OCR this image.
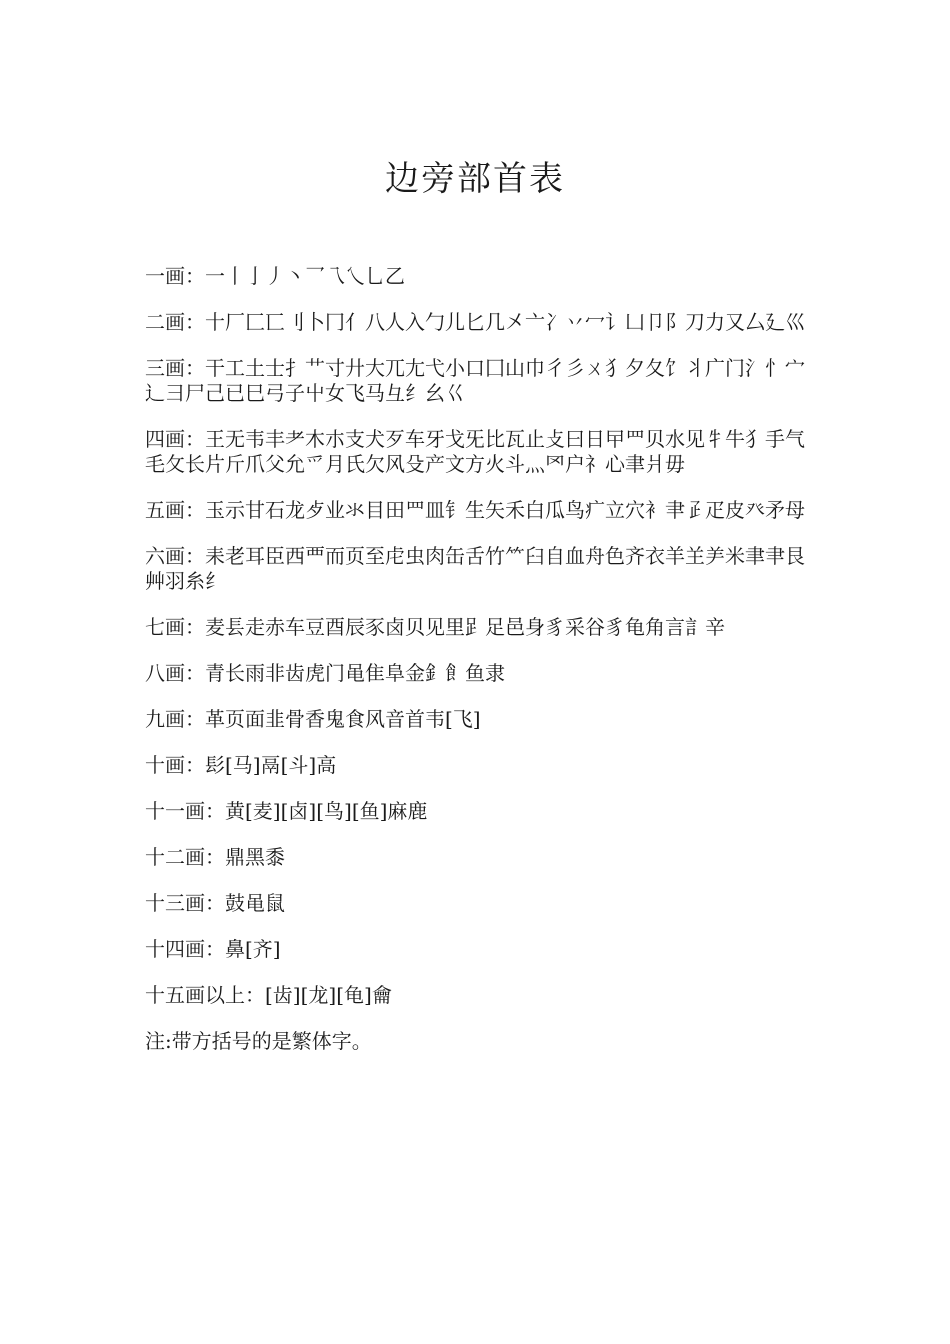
边旁部首表
一画：一丨亅丿丶乛乁乀乚乙
二画：十厂匚匸刂卜冂亻八人入勹儿匕几㐅亠冫丷冖讠凵卩阝刀力又厶廴巛
三画：干工土士扌艹寸廾大兀尢弋小口囗山巾彳彡ㄨ犭夕夂饣丬广门氵忄宀辶彐尸己已巳弓子屮女飞马彑纟幺巜
四画：王无韦丰耂木朩支犬歹车牙戈旡比瓦止攴曰日曱罒贝水见牜牛犭手气毛攵长片斤爪父允爫月氏欠风殳产文方火斗灬罓户礻心聿爿毋
五画：玉示甘石龙歺业氺目田罒皿钅生矢禾白瓜鸟疒立穴衤𦘒𤴔疋皮癶矛母
六画：耒老耳臣西覀而页至虍虫肉缶舌竹⺮臼自血舟色齐衣羊𦍌⺶米聿𦘒艮艸羽糸纟
七画：麦镸走赤车豆酉辰豕卤贝见里𧾷足邑身豸采谷豸龟角言訁辛
八画：青长雨非齿虎门黾隹阜金釒飠鱼隶
九画：革页面韭骨香鬼食风音首韦[飞]
十画：髟[马]鬲[斗]高
十一画：黄[麦][卤][鸟][鱼]麻鹿
十二画：鼎黑黍
十三画：鼓黾鼠
十四画：鼻[齐]
十五画以上：[齿][龙][龟]龠

注:带方括号的是繁体字。
